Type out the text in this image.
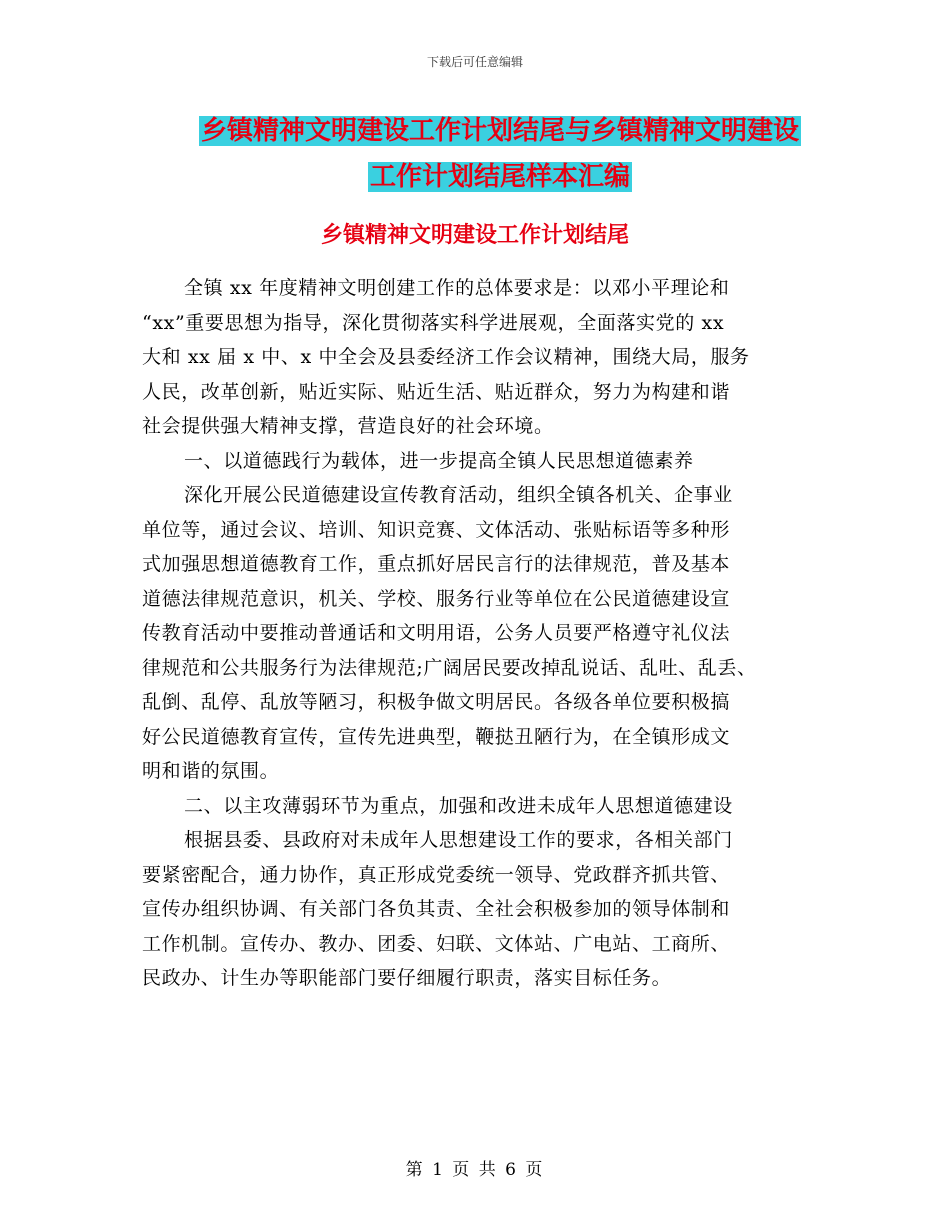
下载后可任意编辑
乡镇精神文明建设工作计划结尾与乡镇精神文明建设
工作计划结尾样本汇编
乡镇精神文明建设工作计划结尾
全镇 xx 年度精神文明创建工作的总体要求是：以邓小平理论和
“xx”重要思想为指导，深化贯彻落实科学进展观，全面落实党的 xx
大和 xx 届 x 中、x 中全会及县委经济工作会议精神，围绕大局，服务
人民，改革创新，贴近实际、贴近生活、贴近群众，努力为构建和谐
社会提供强大精神支撑，营造良好的社会环境。
一、以道德践行为载体，进一步提高全镇人民思想道德素养
深化开展公民道德建设宣传教育活动，组织全镇各机关、企事业
单位等，通过会议、培训、知识竞赛、文体活动、张贴标语等多种形
式加强思想道德教育工作，重点抓好居民言行的法律规范，普及基本
道德法律规范意识，机关、学校、服务行业等单位在公民道德建设宣
传教育活动中要推动普通话和文明用语，公务人员要严格遵守礼仪法
律规范和公共服务行为法律规范;广阔居民要改掉乱说话、乱吐、乱丢、
乱倒、乱停、乱放等陋习，积极争做文明居民。各级各单位要积极搞
好公民道德教育宣传，宣传先进典型，鞭挞丑陋行为，在全镇形成文
明和谐的氛围。
二、以主攻薄弱环节为重点，加强和改进未成年人思想道德建设
根据县委、县政府对未成年人思想建设工作的要求，各相关部门
要紧密配合，通力协作，真正形成党委统一领导、党政群齐抓共管、
宣传办组织协调、有关部门各负其责、全社会积极参加的领导体制和
工作机制。宣传办、教办、团委、妇联、文体站、广电站、工商所、
民政办、计生办等职能部门要仔细履行职责，落实目标任务。
第 1 页 共 6 页
